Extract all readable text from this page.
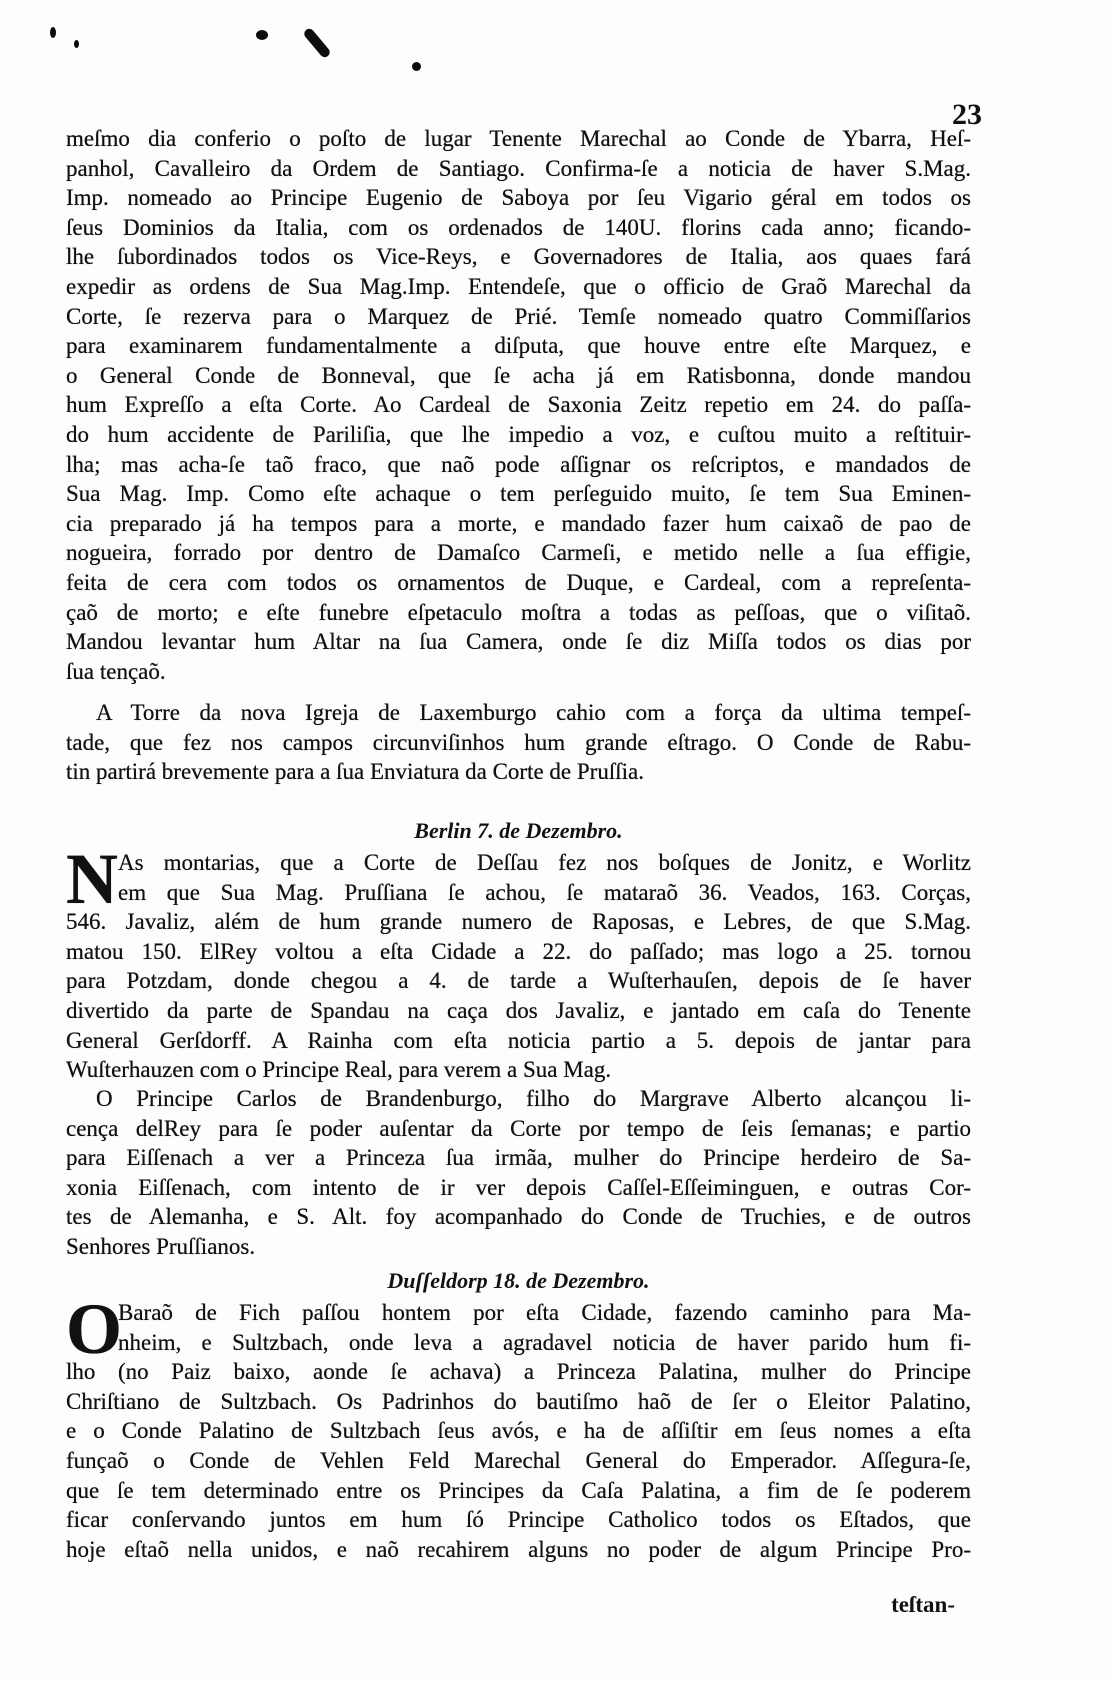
23
meſmo dia conferio o poſto de lugar Tenente Marechal ao Conde de Ybarra, Heſ-
panhol, Cavalleiro da Ordem de Santiago. Confirma-ſe a noticia de haver S.Mag.
Imp. nomeado ao Principe Eugenio de Saboya por ſeu Vigario géral em todos os
ſeus Dominios da Italia, com os ordenados de 140U. florins cada anno; ficando-
lhe ſubordinados todos os Vice-Reys, e Governadores de Italia, aos quaes fará
expedir as ordens de Sua Mag.Imp. Entendeſe, que o officio de Graõ Marechal da
Corte, ſe rezerva para o Marquez de Prié. Temſe nomeado quatro Commiſſarios
para examinarem fundamentalmente a diſputa, que houve entre eſte Marquez, e
o General Conde de Bonneval, que ſe acha já em Ratisbonna, donde mandou
hum Expreſſo a eſta Corte. Ao Cardeal de Saxonia Zeitz repetio em 24. do paſſa-
do hum accidente de Pariliſia, que lhe impedio a voz, e cuſtou muito a reſtituir-
lha; mas acha-ſe taõ fraco, que naõ pode aſſignar os reſcriptos, e mandados de
Sua Mag. Imp. Como eſte achaque o tem perſeguido muito, ſe tem Sua Eminen-
cia preparado já ha tempos para a morte, e mandado fazer hum caixaõ de pao de
nogueira, forrado por dentro de Damaſco Carmeſi, e metido nelle a ſua effigie,
feita de cera com todos os ornamentos de Duque, e Cardeal, com a repreſenta-
çaõ de morto; e eſte funebre eſpetaculo moſtra a todas as peſſoas, que o viſitaõ.
Mandou levantar hum Altar na ſua Camera, onde ſe diz Miſſa todos os dias por
ſua tençaõ.
A Torre da nova Igreja de Laxemburgo cahio com a força da ultima tempeſ-
tade, que fez nos campos circunviſinhos hum grande eſtrago. O Conde de Rabu-
tin partirá brevemente para a ſua Enviatura da Corte de Pruſſia.
Berlin 7. de Dezembro.
N As montarias, que a Corte de Deſſau fez nos boſques de Jonitz, e Worlitz
em que Sua Mag. Pruſſiana ſe achou, ſe mataraõ 36. Veados, 163. Corças,
546. Javaliz, além de hum grande numero de Raposas, e Lebres, de que S.Mag.
matou 150. ElRey voltou a eſta Cidade a 22. do paſſado; mas logo a 25. tornou
para Potzdam, donde chegou a 4. de tarde a Wuſterhauſen, depois de ſe haver
divertido da parte de Spandau na caça dos Javaliz, e jantado em caſa do Tenente
General Gerſdorff. A Rainha com eſta noticia partio a 5. depois de jantar para
Wuſterhauzen com o Principe Real, para verem a Sua Mag.
O Principe Carlos de Brandenburgo, filho do Margrave Alberto alcançou li-
cença delRey para ſe poder auſentar da Corte por tempo de ſeis ſemanas; e partio
para Eiſſenach a ver a Princeza ſua irmãa, mulher do Principe herdeiro de Sa-
xonia Eiſſenach, com intento de ir ver depois Caſſel-Eſſeiminguen, e outras Cor-
tes de Alemanha, e S. Alt. foy acompanhado do Conde de Truchies, e de outros
Senhores Pruſſianos.
Duſſeldorp 18. de Dezembro.
O
Baraõ de Fich paſſou hontem por eſta Cidade, fazendo caminho para Ma-
nheim, e Sultzbach, onde leva a agradavel noticia de haver parido hum fi-
lho (no Paiz baixo, aonde ſe achava) a Princeza Palatina, mulher do Principe
Chriſtiano de Sultzbach. Os Padrinhos do bautiſmo haõ de ſer o Eleitor Palatino,
e o Conde Palatino de Sultzbach ſeus avós, e ha de aſſiſtir em ſeus nomes a eſta
funçaõ o Conde de Vehlen Feld Marechal General do Emperador. Aſſegura-ſe,
que ſe tem determinado entre os Principes da Caſa Palatina, a fim de ſe poderem
ficar conſervando juntos em hum ſó Principe Catholico todos os Eſtados, que
hoje eſtaõ nella unidos, e naõ recahirem alguns no poder de algum Principe Pro-
teſtan-
